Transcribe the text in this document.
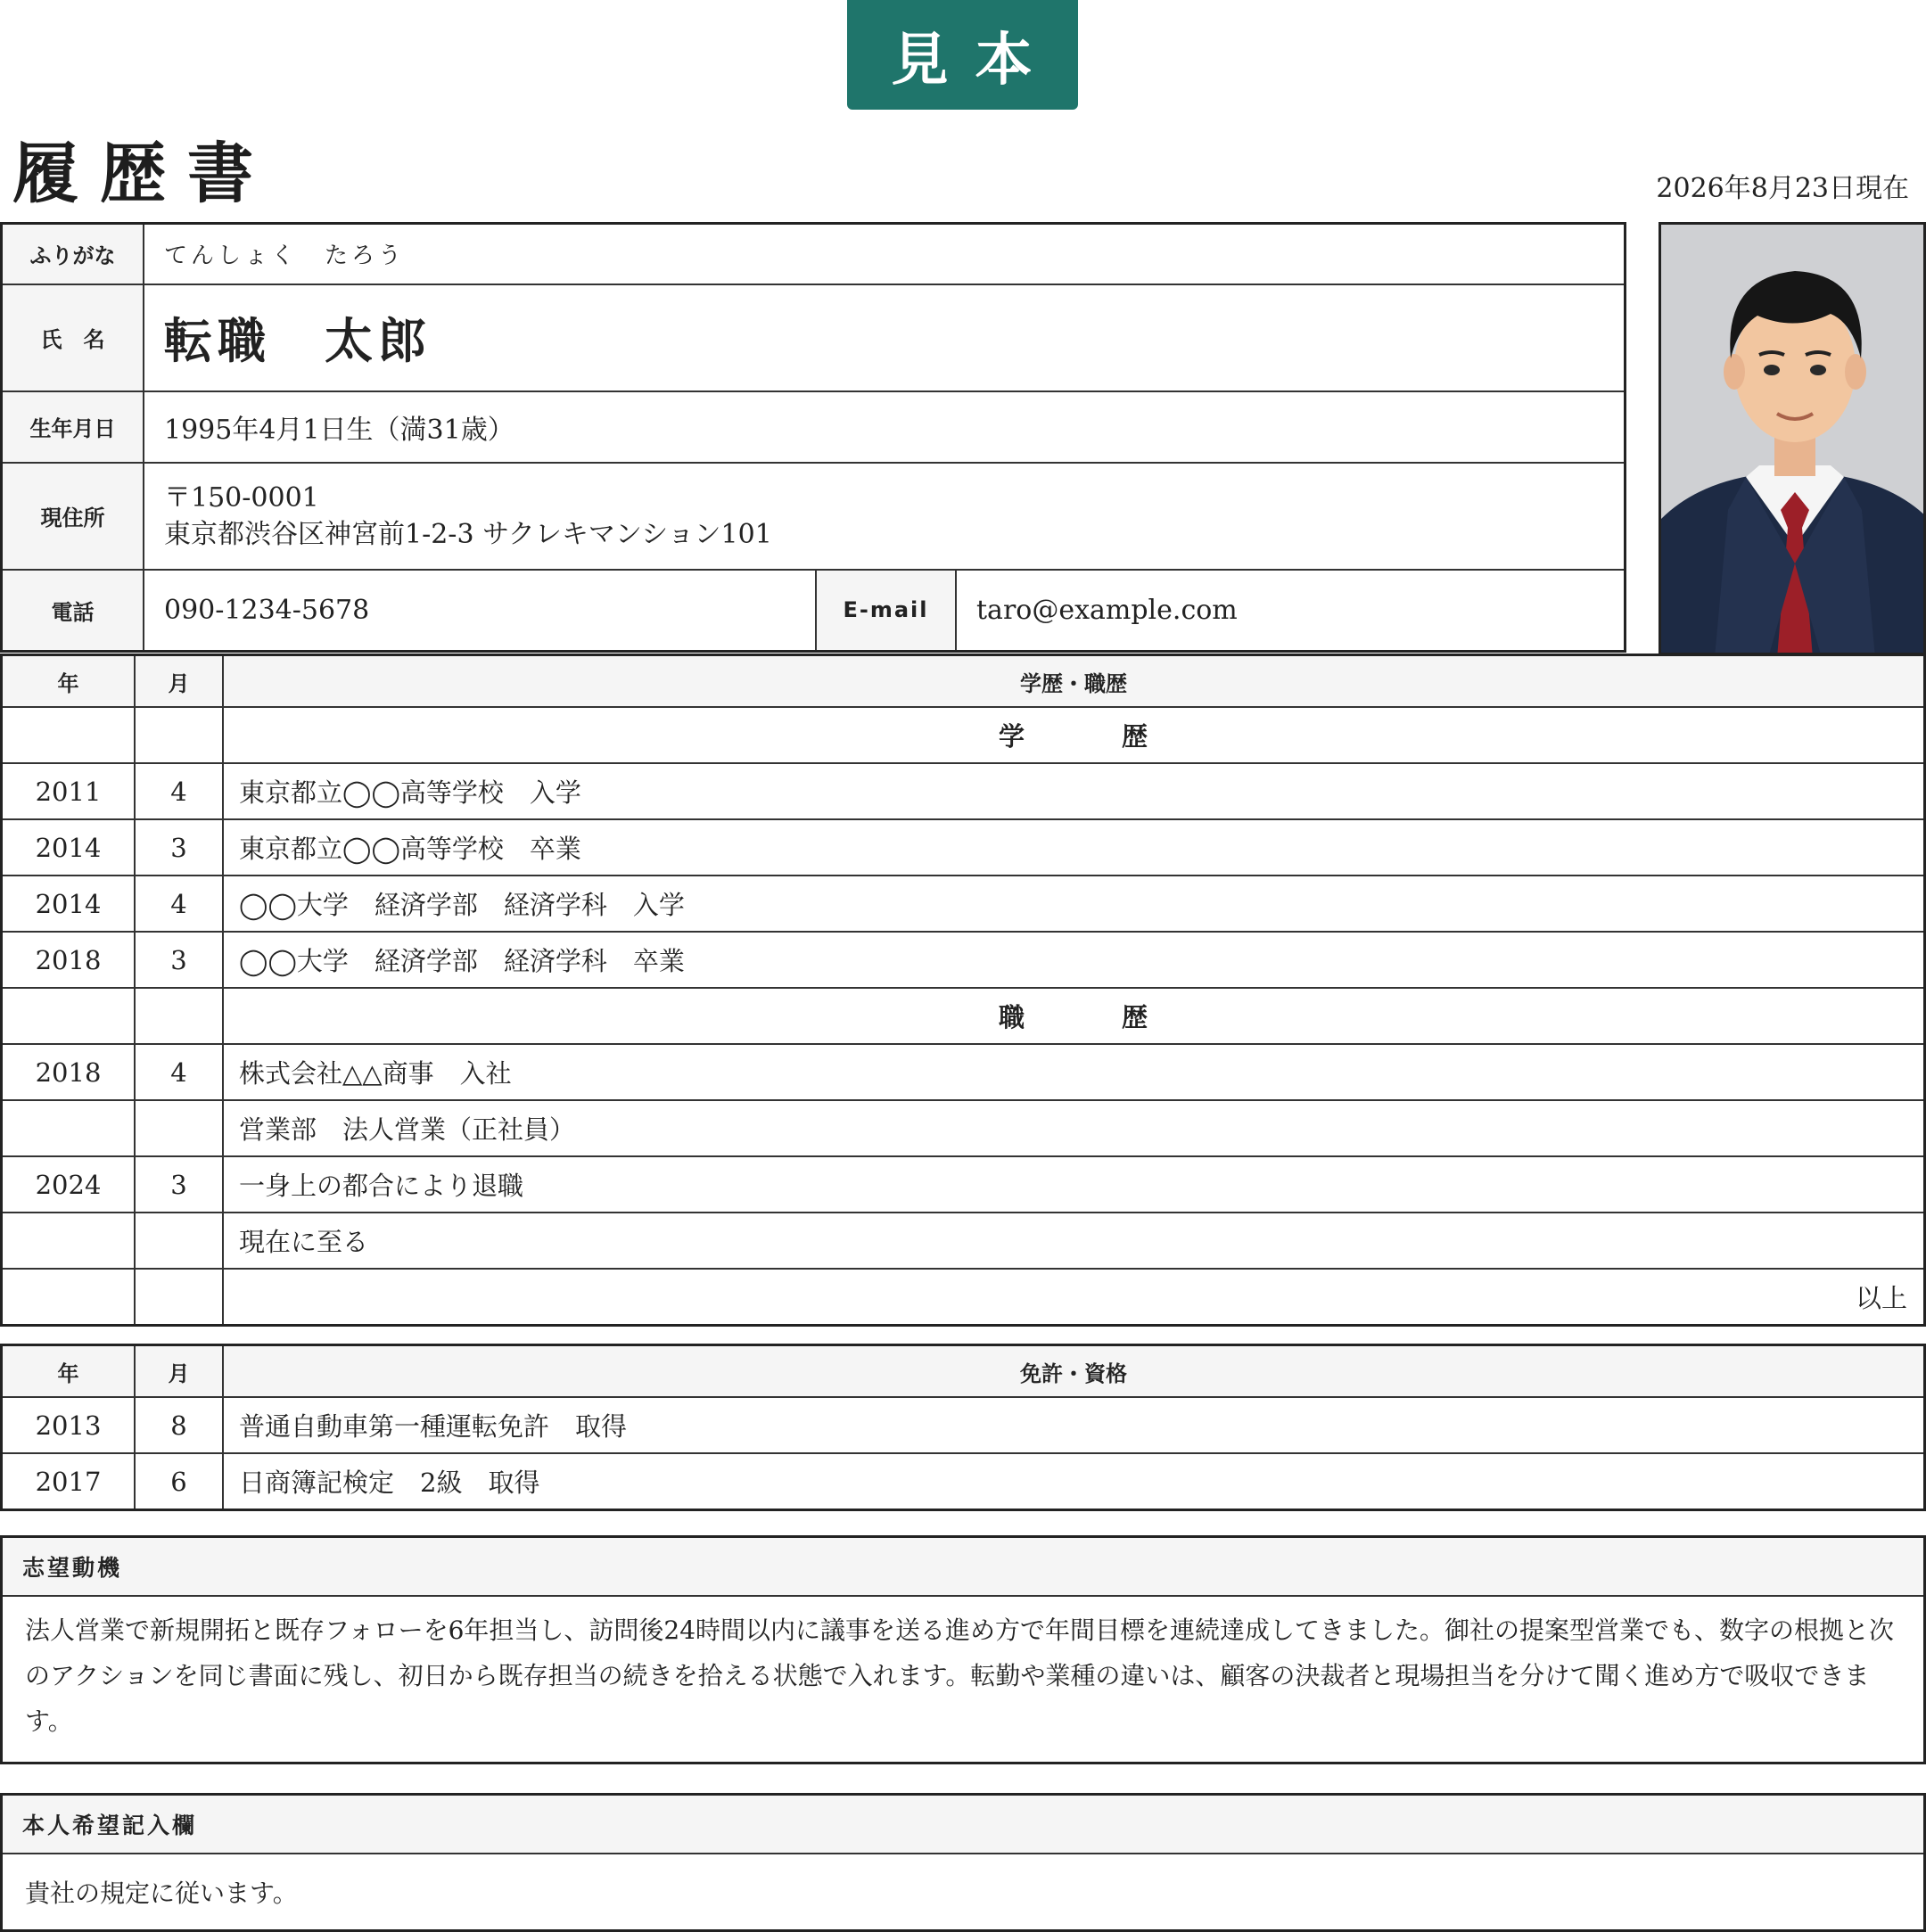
見本
履歴書	2026年8月23日現在
ふりがな	てんしょく　たろう		
氏　名	転職　太郎		
生年月日	1995年4月1日生（満31歳）		
現住所	〒150-0001
東京都渋谷区神宮前1-2-3 サクレキマンション101		

電話	090-1234-5678	E-mail	taro@example.com
年	月	学歴・職歴
		学　歴
2011	4	東京都立◯◯高等学校　入学
2014	3	東京都立◯◯高等学校　卒業
2014	4	◯◯大学　経済学部　経済学科　入学
2018	3	◯◯大学　経済学部　経済学科　卒業
		職　歴
2018	4	株式会社△△商事　入社
		営業部　法人営業（正社員）
2024	3	一身上の都合により退職
		現在に至る
		以上
年	月	免許・資格
2013	8	普通自動車第一種運転免許　取得
2017	6	日商簿記検定　2級　取得
志望動機
法人営業で新規開拓と既存フォローを6年担当し、訪問後24時間以内に議事を送る進め方で年間目標を連続達成してきました。御社の提案型営業でも、数字の根拠と次のアクションを同じ書面に残し、初日から既存担当の続きを拾える状態で入れます。転勤や業種の違いは、顧客の決裁者と現場担当を分けて聞く進め方で吸収できます。
本人希望記入欄
貴社の規定に従います。
